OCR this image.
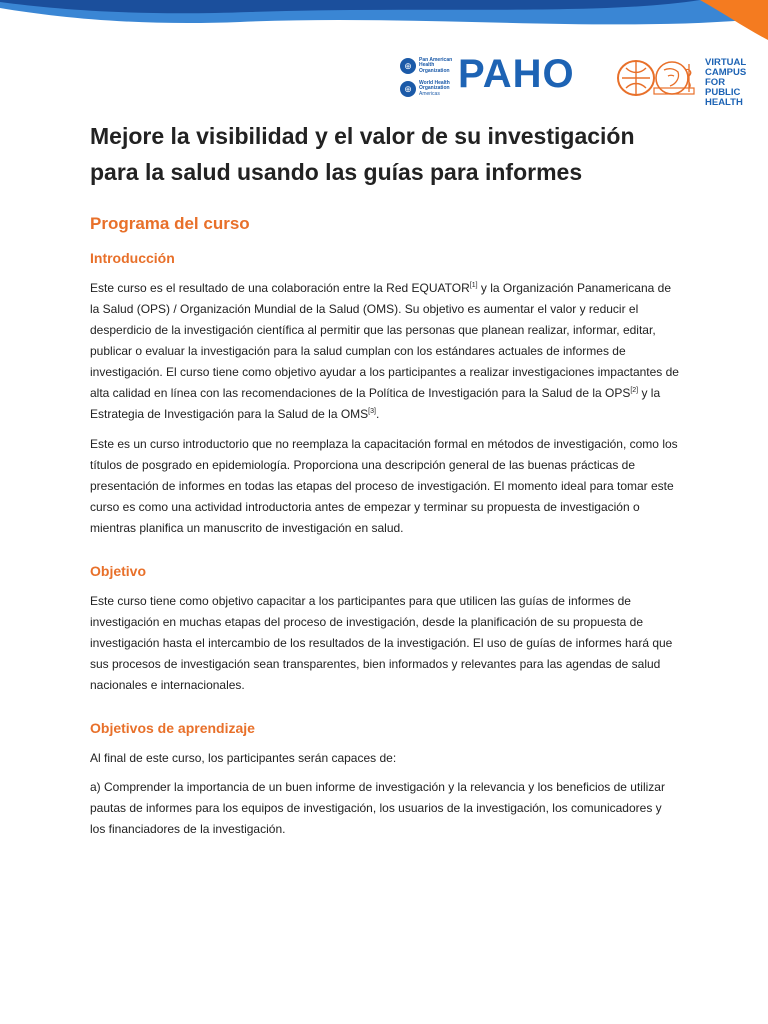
⊕
Pan American Health Organization
⊕
World Health Organization
Americas PAHO	VIRTUAL
CAMPUS
FOR PUBLIC
HEALTH
Mejore la visibilidad y el valor de su investigación para la salud usando las guías para informes
Programa del curso
Introducción

Este curso es el resultado de una colaboración entre la Red EQUATOR[1] y la Organización Panamericana de la Salud (OPS) / Organización Mundial de la Salud (OMS). Su objetivo es aumentar el valor y reducir el desperdicio de la investigación científica al permitir que las personas que planean realizar, informar, editar, publicar o evaluar la investigación para la salud cumplan con los estándares actuales de informes de investigación. El curso tiene como objetivo ayudar a los participantes a realizar investigaciones impactantes de alta calidad en línea con las recomendaciones de la Política de Investigación para la Salud de la OPS[2] y la Estrategia de Investigación para la Salud de la OMS[3].

Este es un curso introductorio que no reemplaza la capacitación formal en métodos de investigación, como los títulos de posgrado en epidemiología. Proporciona una descripción general de las buenas prácticas de presentación de informes en todas las etapas del proceso de investigación. El momento ideal para tomar este curso es como una actividad introductoria antes de empezar y terminar su propuesta de investigación o mientras planifica un manuscrito de investigación en salud.

Objetivo

Este curso tiene como objetivo capacitar a los participantes para que utilicen las guías de informes de investigación en muchas etapas del proceso de investigación, desde la planificación de su propuesta de investigación hasta el intercambio de los resultados de la investigación. El uso de guías de informes hará que sus procesos de investigación sean transparentes, bien informados y relevantes para las agendas de salud nacionales e internacionales.

Objetivos de aprendizaje

Al final de este curso, los participantes serán capaces de:

a) Comprender la importancia de un buen informe de investigación y la relevancia y los beneficios de utilizar pautas de informes para los equipos de investigación, los usuarios de la investigación, los comunicadores y los financiadores de la investigación.
